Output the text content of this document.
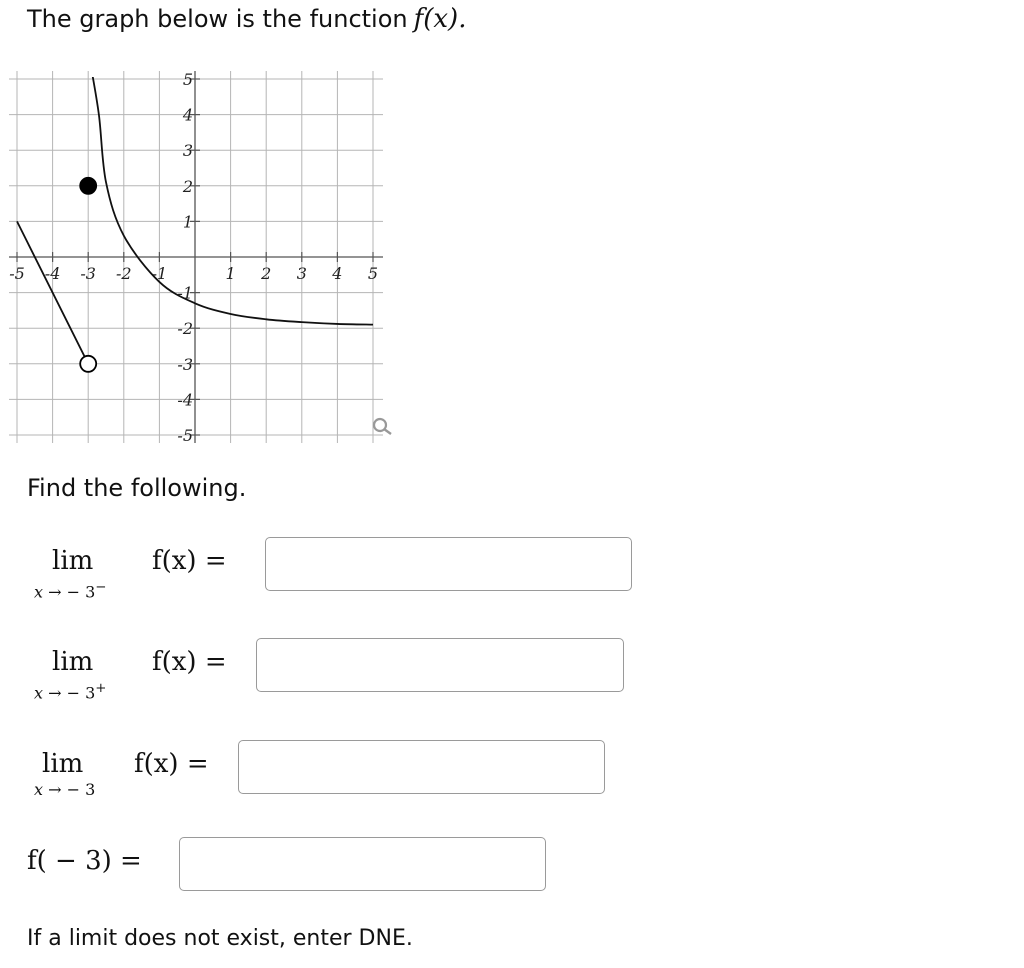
The graph below is the function f(x).
-5 -4 -3 -2 -1	1 2 3 4 5
5
4
3
2
1
-1
-2
-3
-4
-5
Find the following.
lim
x → − 3−
f(x) =
lim
x → − 3+
f(x) =
lim
x → − 3
f(x) =
f( − 3) =
If a limit does not exist, enter DNE.
